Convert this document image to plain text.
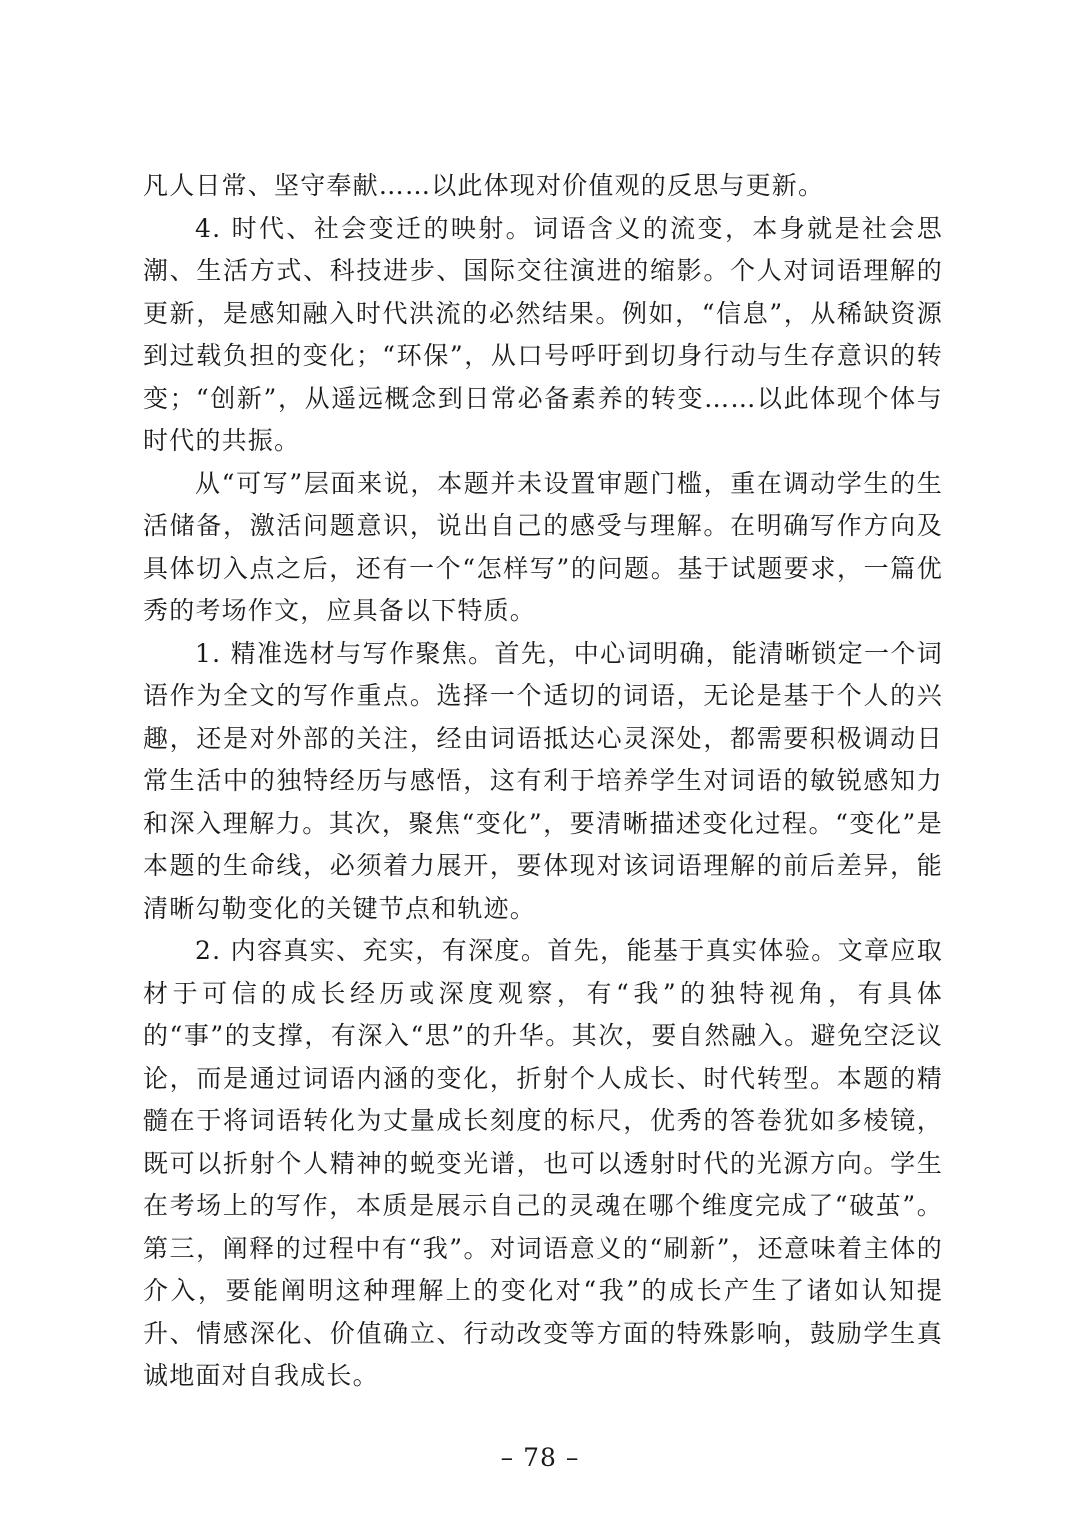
凡人日常、坚守奉献……以此体现对价值观的反思与更新。

4. 时代、社会变迁的映射。词语含义的流变，本身就是社会思潮、生活方式、科技进步、国际交往演进的缩影。个人对词语理解的更新，是感知融入时代洪流的必然结果。例如，“信息”，从稀缺资源到过载负担的变化；“环保”，从口号呼吁到切身行动与生存意识的转变；“创新”，从遥远概念到日常必备素养的转变……以此体现个体与时代的共振。

从“可写”层面来说，本题并未设置审题门槛，重在调动学生的生活储备，激活问题意识，说出自己的感受与理解。在明确写作方向及具体切入点之后，还有一个“怎样写”的问题。基于试题要求，一篇优秀的考场作文，应具备以下特质。

1. 精准选材与写作聚焦。首先，中心词明确，能清晰锁定一个词语作为全文的写作重点。选择一个适切的词语，无论是基于个人的兴趣，还是对外部的关注，经由词语抵达心灵深处，都需要积极调动日常生活中的独特经历与感悟，这有利于培养学生对词语的敏锐感知力和深入理解力。其次，聚焦“变化”，要清晰描述变化过程。“变化”是本题的生命线，必须着力展开，要体现对该词语理解的前后差异，能清晰勾勒变化的关键节点和轨迹。

2. 内容真实、充实，有深度。首先，能基于真实体验。文章应取材于可信的成长经历或深度观察，有“我”的独特视角，有具体的“事”的支撑，有深入“思”的升华。其次，要自然融入。避免空泛议论，而是通过词语内涵的变化，折射个人成长、时代转型。本题的精髓在于将词语转化为丈量成长刻度的标尺，优秀的答卷犹如多棱镜，既可以折射个人精神的蜕变光谱，也可以透射时代的光源方向。学生在考场上的写作，本质是展示自己的灵魂在哪个维度完成了“破茧”。第三，阐释的过程中有“我”。对词语意义的“刷新”，还意味着主体的介入，要能阐明这种理解上的变化对“我”的成长产生了诸如认知提升、情感深化、价值确立、行动改变等方面的特殊影响，鼓励学生真诚地面对自我成长。

– 78 –
